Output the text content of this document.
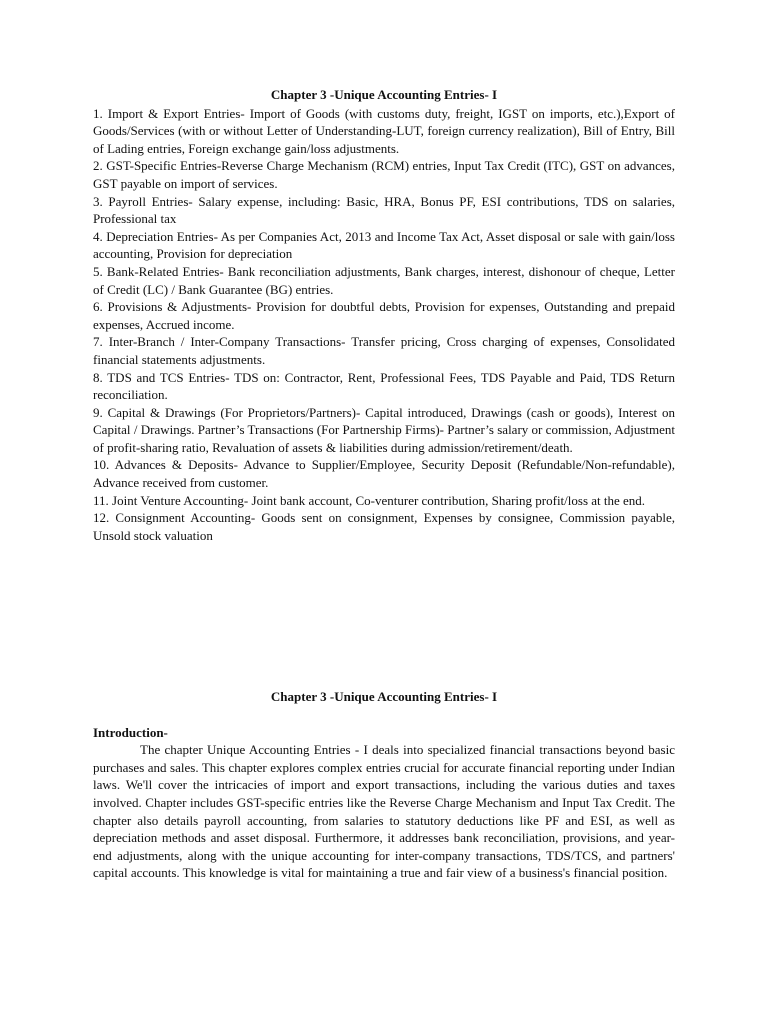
Chapter 3 -Unique Accounting Entries- I

1. Import & Export Entries- Import of Goods (with customs duty, freight, IGST on imports, etc.),Export of Goods/Services (with or without Letter of Understanding-LUT, foreign currency realization), Bill of Entry, Bill of Lading entries, Foreign exchange gain/loss adjustments.

2. GST-Specific Entries-Reverse Charge Mechanism (RCM) entries, Input Tax Credit (ITC), GST on advances, GST payable on import of services.

3. Payroll Entries- Salary expense, including: Basic, HRA, Bonus PF, ESI contributions, TDS on salaries, Professional tax

4. Depreciation Entries- As per Companies Act, 2013 and Income Tax Act, Asset disposal or sale with gain/loss accounting, Provision for depreciation

5. Bank-Related Entries- Bank reconciliation adjustments, Bank charges, interest, dishonour of cheque, Letter of Credit (LC) / Bank Guarantee (BG) entries.

6. Provisions & Adjustments- Provision for doubtful debts, Provision for expenses, Outstanding and prepaid expenses, Accrued income.

7. Inter-Branch / Inter-Company Transactions- Transfer pricing, Cross charging of expenses, Consolidated financial statements adjustments.

8. TDS and TCS Entries- TDS on: Contractor, Rent, Professional Fees, TDS Payable and Paid, TDS Return reconciliation.

9. Capital & Drawings (For Proprietors/Partners)- Capital introduced, Drawings (cash or goods), Interest on Capital / Drawings. Partner’s Transactions (For Partnership Firms)- Partner’s salary or commission, Adjustment of profit-sharing ratio, Revaluation of assets & liabilities during admission/retirement/death.

10. Advances & Deposits- Advance to Supplier/Employee, Security Deposit (Refundable/Non-refundable), Advance received from customer.

11. Joint Venture Accounting- Joint bank account, Co-venturer contribution, Sharing profit/loss at the end.

12. Consignment Accounting- Goods sent on consignment, Expenses by consignee, Commission payable, Unsold stock valuation

Chapter 3 -Unique Accounting Entries- I

Introduction-

The chapter Unique Accounting Entries - I deals into specialized financial transactions beyond basic purchases and sales. This chapter explores complex entries crucial for accurate financial reporting under Indian laws. We'll cover the intricacies of import and export transactions, including the various duties and taxes involved. Chapter includes GST-specific entries like the Reverse Charge Mechanism and Input Tax Credit. The chapter also details payroll accounting, from salaries to statutory deductions like PF and ESI, as well as depreciation methods and asset disposal. Furthermore, it addresses bank reconciliation, provisions, and year-end adjustments, along with the unique accounting for inter-company transactions, TDS/TCS, and partners' capital accounts. This knowledge is vital for maintaining a true and fair view of a business's financial position.
